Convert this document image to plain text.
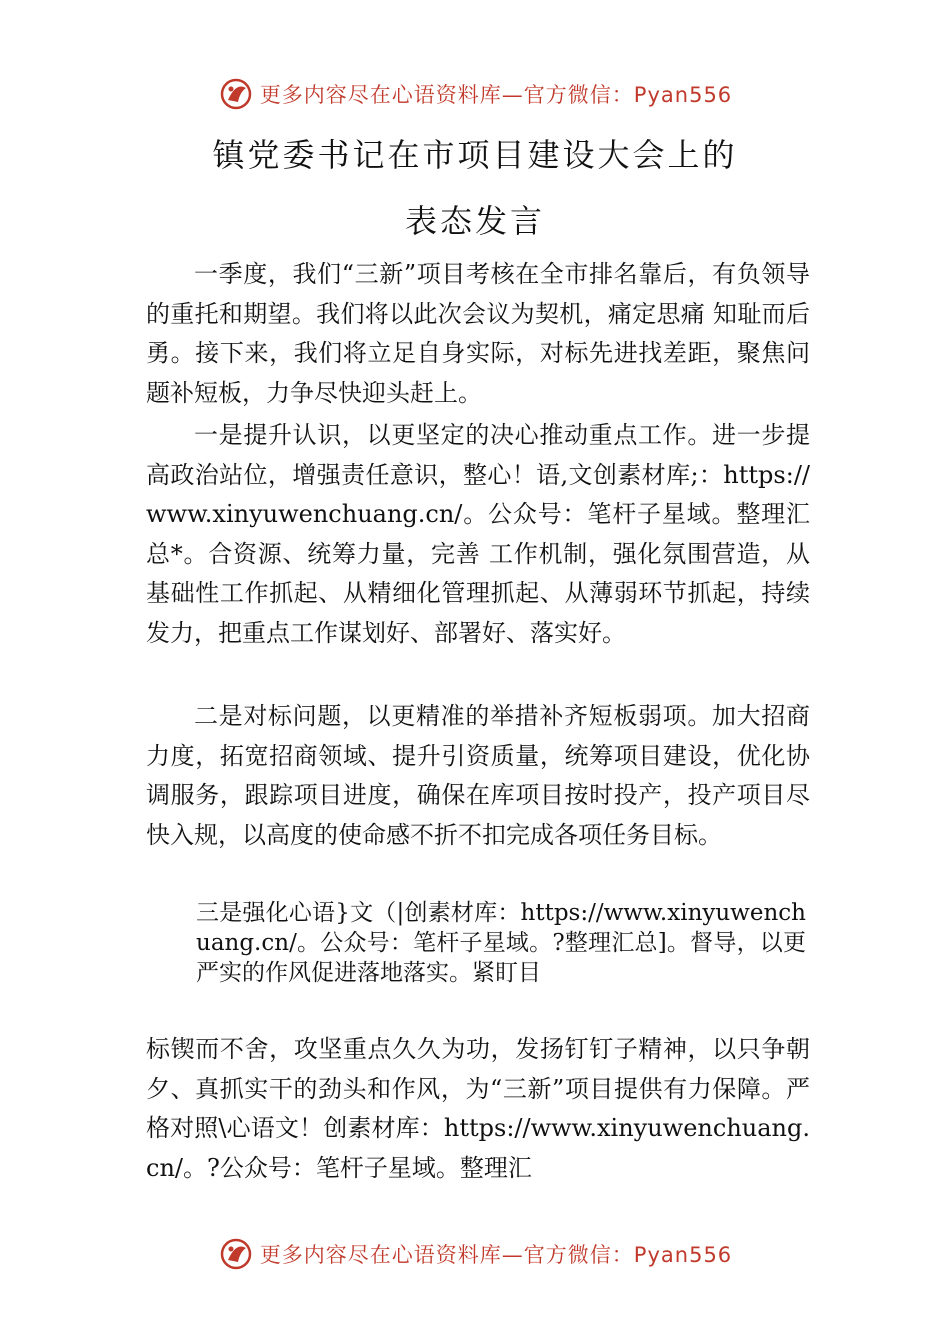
更多内容尽在心语资料库—官方微信：Pyan556
镇党委书记在市项目建设大会上的
表态发言

一季度，我们“三新”项目考核在全市排名靠后，有负领导的重托和期望。我们将以此次会议为契机，痛定思痛 知耻而后勇。接下来，我们将立足自身实际，对标先进找差距，聚焦问题补短板，力争尽快迎头赶上。

一是提升认识，以更坚定的决心推动重点工作。进一步提高政治站位，增强责任意识，整心！语,文创素材库;：https://www.xinyuwenchuang.cn/。公众号：笔杆子星域。整理汇总*。合资源、统筹力量，完善 工作机制，强化氛围营造，从基础性工作抓起、从精细化管理抓起、从薄弱环节抓起，持续发力，把重点工作谋划好、部署好、落实好。

二是对标问题，以更精准的举措补齐短板弱项。加大招商力度，拓宽招商领域、提升引资质量，统筹项目建设，优化协调服务，跟踪项目进度，确保在库项目按时投产，投产项目尽快入规，以高度的使命感不折不扣完成各项任务目标。

三是强化心语}文（|创素材库：https://www.xinyuwenchuang.cn/。公众号：笔杆子星域。?整理汇总]。督导，以更严实的作风促进落地落实。紧盯目

标锲而不舍，攻坚重点久久为功，发扬钉钉子精神，以只争朝夕、真抓实干的劲头和作风，为“三新”项目提供有力保障。严格对照\心语文！创素材库：https://www.xinyuwenchuang.cn/。?公众号：笔杆子星域。整理汇

更多内容尽在心语资料库—官方微信：Pyan556
